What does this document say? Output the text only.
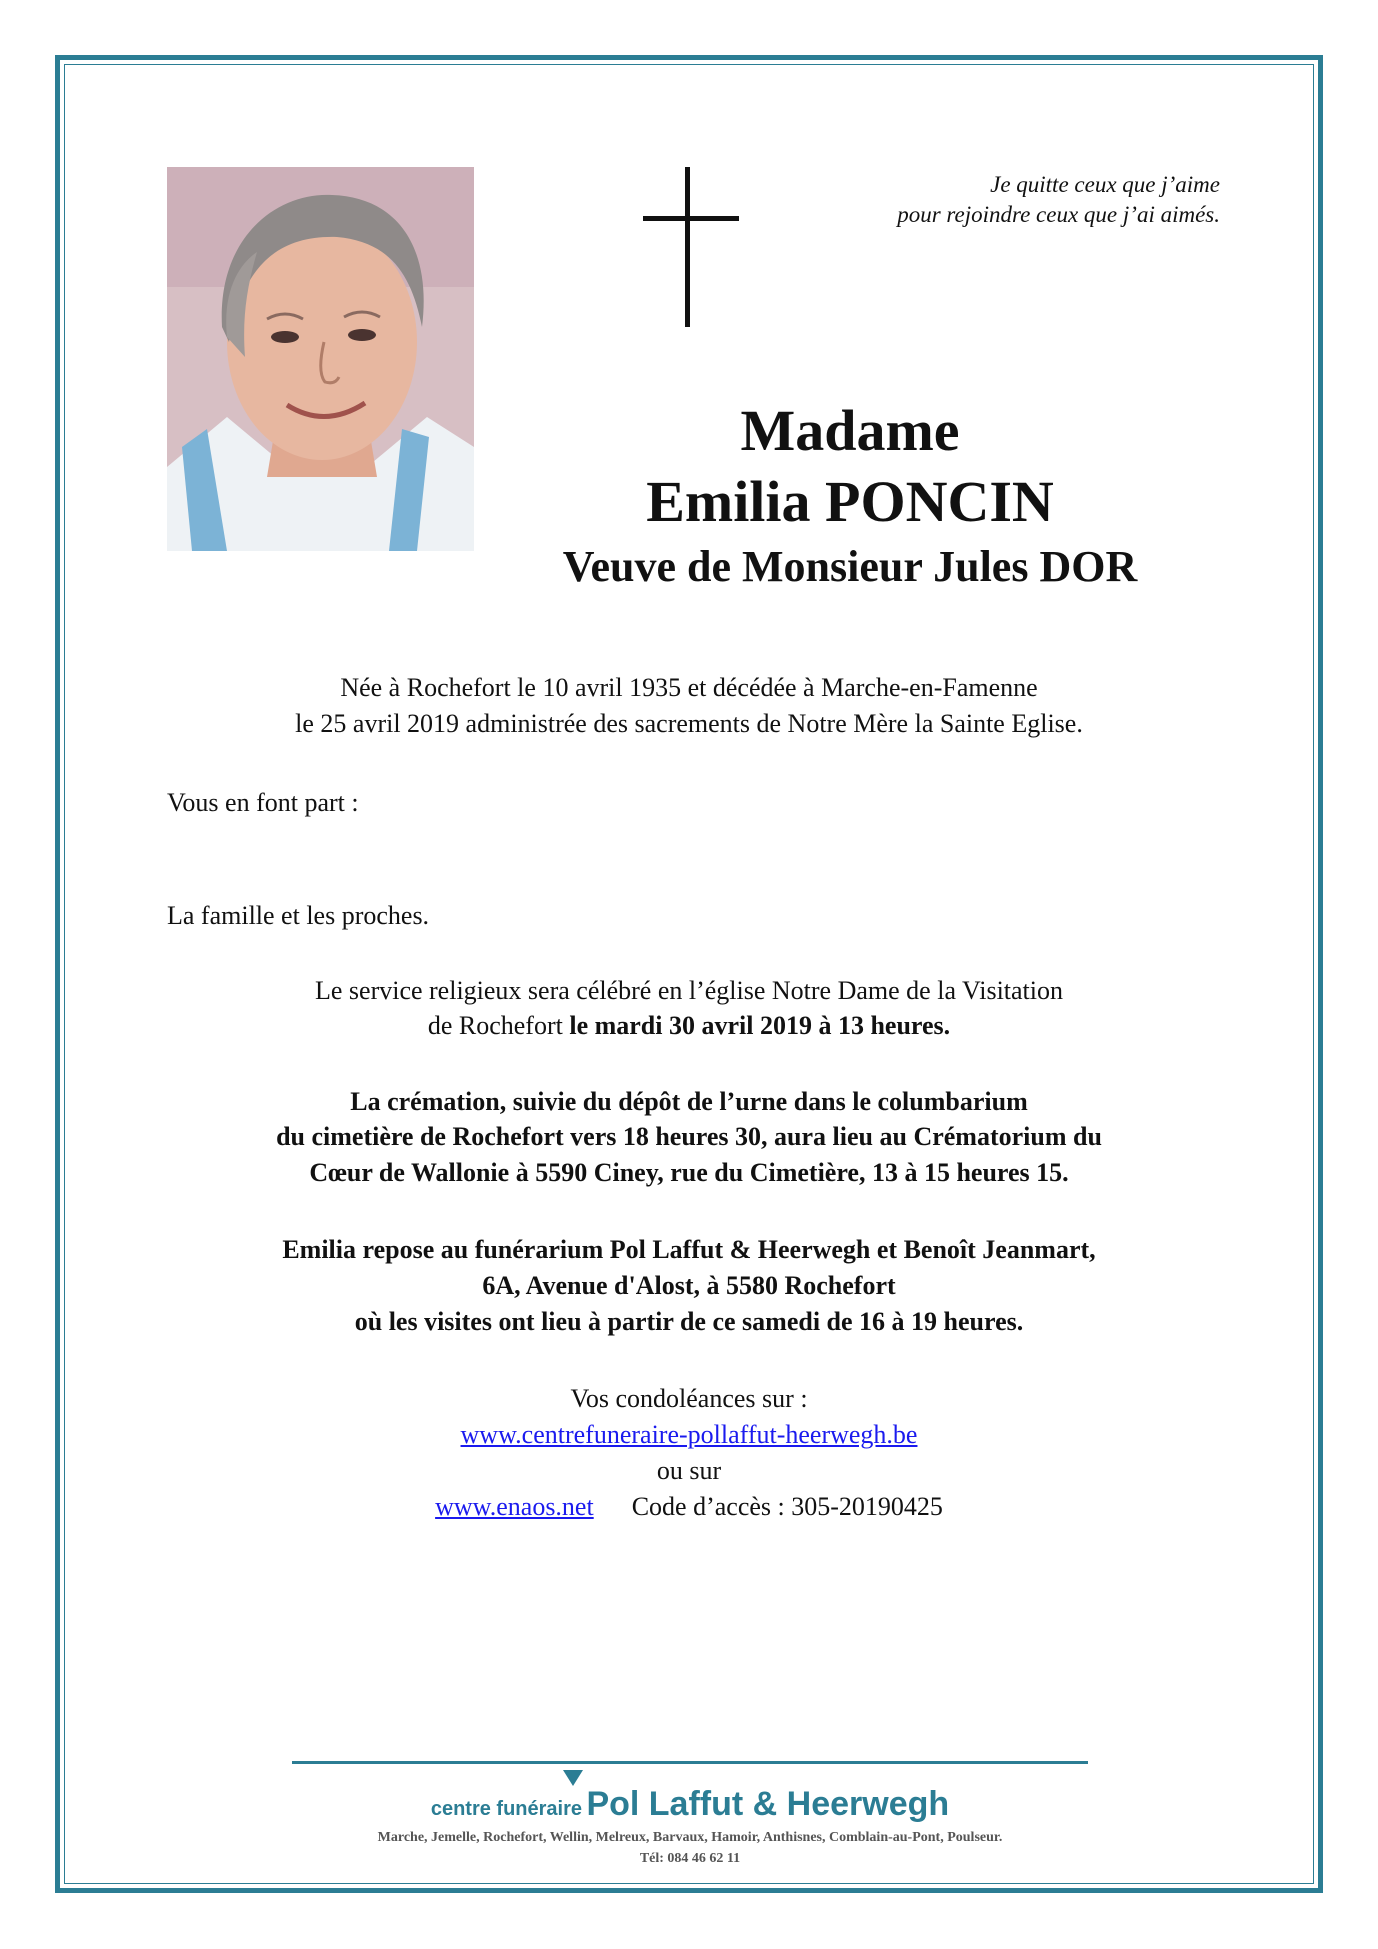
Je quitte ceux que j’aime
pour rejoindre ceux que j’ai aimés.
Madame
Emilia PONCIN
Veuve de Monsieur Jules DOR
Née à Rochefort le 10 avril 1935 et décédée à Marche-en-Famenne
le 25 avril 2019 administrée des sacrements de Notre Mère la Sainte Eglise.
Vous en font part :
La famille et les proches.
Le service religieux sera célébré en l’église Notre Dame de la Visitation
de Rochefort le mardi 30 avril 2019 à 13 heures.
La crémation, suivie du dépôt de l’urne dans le columbarium
du cimetière de Rochefort vers 18 heures 30, aura lieu au Crématorium du
Cœur de Wallonie à 5590 Ciney, rue du Cimetière, 13 à 15 heures 15.
Emilia repose au funérarium Pol Laffut & Heerwegh et Benoît Jeanmart,
6A, Avenue d'Alost, à 5580 Rochefort
où les visites ont lieu à partir de ce samedi de 16 à 19 heures.
Vos condoléances sur :
www.centrefuneraire-pollaffut-heerwegh.be
ou sur
www.enaos.net Code d’accès : 305-20190425
centre funéraire Pol Laffut & Heerwegh
Marche, Jemelle, Rochefort, Wellin, Melreux, Barvaux, Hamoir, Anthisnes, Comblain-au-Pont, Poulseur.
Tél: 084 46 62 11
